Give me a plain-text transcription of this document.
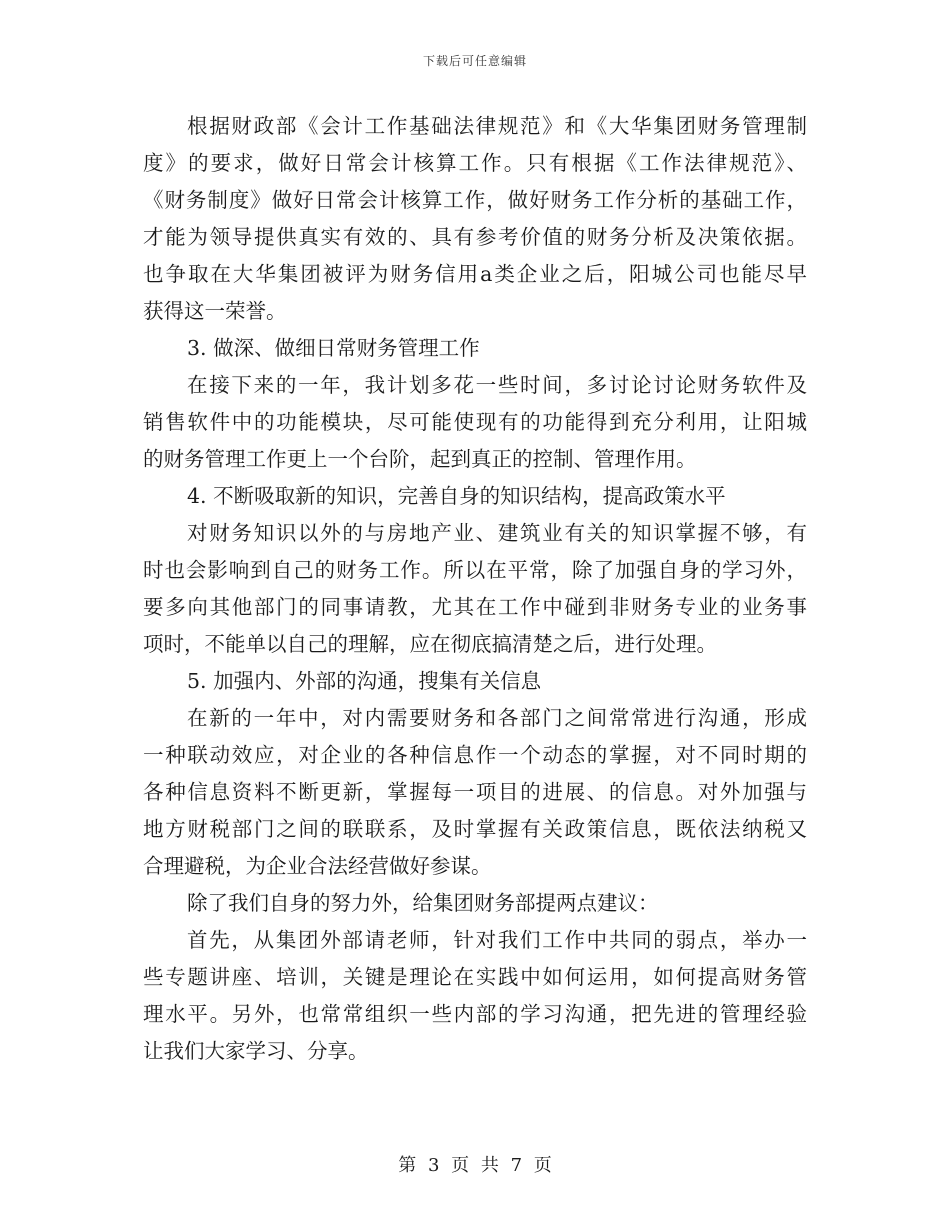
下载后可任意编辑
根据财政部《会计工作基础法律规范》和《大华集团财务管理制
度》的要求，做好日常会计核算工作。只有根据《工作法律规范》、
《财务制度》做好日常会计核算工作，做好财务工作分析的基础工作，
才能为领导提供真实有效的、具有参考价值的财务分析及决策依据。
也争取在大华集团被评为财务信用a类企业之后，阳城公司也能尽早
获得这一荣誉。
3. 做深、做细日常财务管理工作
在接下来的一年，我计划多花一些时间，多讨论讨论财务软件及
销售软件中的功能模块，尽可能使现有的功能得到充分利用，让阳城
的财务管理工作更上一个台阶，起到真正的控制、管理作用。
4. 不断吸取新的知识，完善自身的知识结构，提高政策水平
对财务知识以外的与房地产业、建筑业有关的知识掌握不够，有
时也会影响到自己的财务工作。所以在平常，除了加强自身的学习外，
要多向其他部门的同事请教，尤其在工作中碰到非财务专业的业务事
项时，不能单以自己的理解，应在彻底搞清楚之后，进行处理。
5. 加强内、外部的沟通，搜集有关信息
在新的一年中，对内需要财务和各部门之间常常进行沟通，形成
一种联动效应，对企业的各种信息作一个动态的掌握，对不同时期的
各种信息资料不断更新，掌握每一项目的进展、的信息。对外加强与
地方财税部门之间的联联系，及时掌握有关政策信息，既依法纳税又
合理避税，为企业合法经营做好参谋。
除了我们自身的努力外，给集团财务部提两点建议：
首先，从集团外部请老师，针对我们工作中共同的弱点，举办一
些专题讲座、培训，关键是理论在实践中如何运用，如何提高财务管
理水平。另外，也常常组织一些内部的学习沟通，把先进的管理经验
让我们大家学习、分享。
第 3 页 共 7 页
